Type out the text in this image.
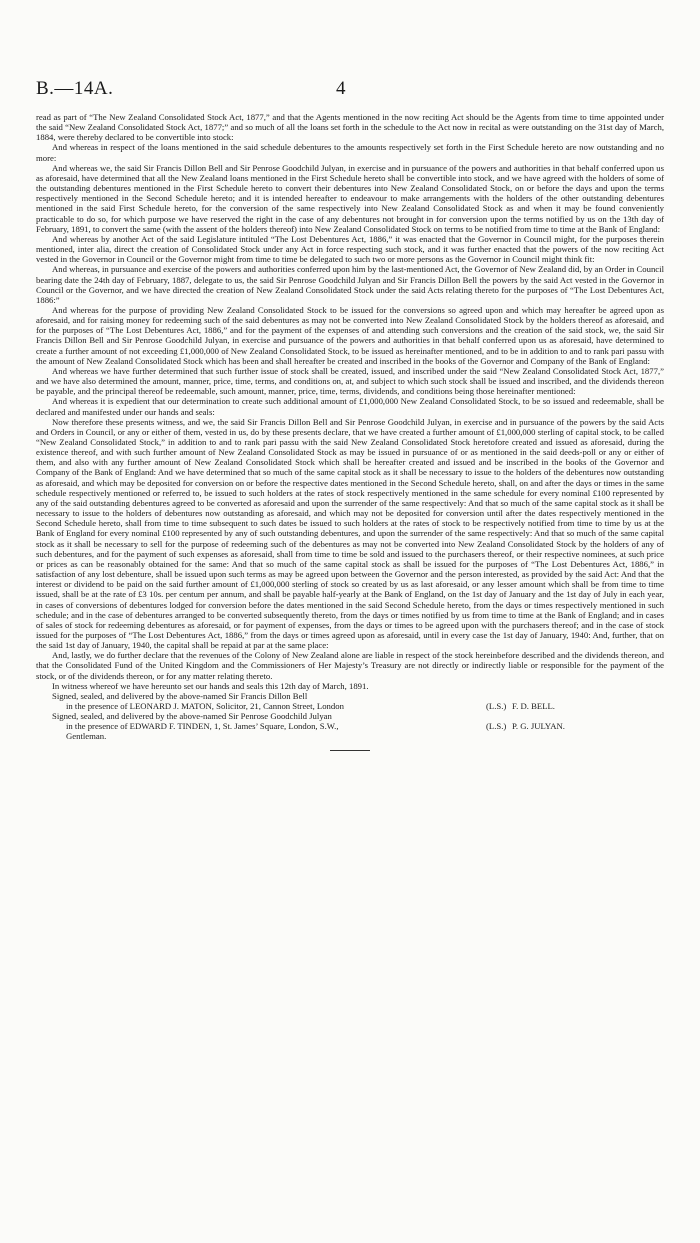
B.—14A.	4

read as part of “The New Zealand Consolidated Stock Act, 1877,” and that the Agents mentioned in the now reciting Act should be the Agents from time to time appointed under the said “New Zealand Consolidated Stock Act, 1877;” and so much of all the loans set forth in the schedule to the Act now in recital as were outstanding on the 31st day of March, 1884, were thereby declared to be convertible into stock:

And whereas in respect of the loans mentioned in the said schedule debentures to the amounts respectively set forth in the First Schedule hereto are now outstanding and no more:

And whereas we, the said Sir Francis Dillon Bell and Sir Penrose Goodchild Julyan, in exercise and in pursuance of the powers and authorities in that behalf conferred upon us as aforesaid, have determined that all the New Zealand loans mentioned in the First Schedule hereto shall be convertible into stock, and we have agreed with the holders of some of the outstanding debentures mentioned in the First Schedule hereto to convert their debentures into New Zealand Consolidated Stock, on or before the days and upon the terms respectively mentioned in the Second Schedule hereto; and it is intended hereafter to endeavour to make arrangements with the holders of the other outstanding debentures mentioned in the said First Schedule hereto, for the conversion of the same respectively into New Zealand Consolidated Stock as and when it may be found conveniently practicable to do so, for which purpose we have reserved the right in the case of any debentures not brought in for conversion upon the terms notified by us on the 13th day of February, 1891, to convert the same (with the assent of the holders thereof) into New Zealand Consolidated Stock on terms to be notified from time to time at the Bank of England:

And whereas by another Act of the said Legislature intituled “The Lost Debentures Act, 1886,” it was enacted that the Governor in Council might, for the purposes therein mentioned, inter alia, direct the creation of Consolidated Stock under any Act in force respecting such stock, and it was further enacted that the powers of the now reciting Act vested in the Governor in Council or the Governor might from time to time be delegated to such two or more persons as the Governor in Council might think fit:

And whereas, in pursuance and exercise of the powers and authorities conferred upon him by the last-mentioned Act, the Governor of New Zealand did, by an Order in Council bearing date the 24th day of February, 1887, delegate to us, the said Sir Penrose Goodchild Julyan and Sir Francis Dillon Bell the powers by the said Act vested in the Governor in Council or the Governor, and we have directed the creation of New Zealand Consolidated Stock under the said Acts relating thereto for the purposes of “The Lost Debentures Act, 1886:”

And whereas for the purpose of providing New Zealand Consolidated Stock to be issued for the conversions so agreed upon and which may hereafter be agreed upon as aforesaid, and for raising money for redeeming such of the said debentures as may not be converted into New Zealand Consolidated Stock by the holders thereof as aforesaid, and for the purposes of “The Lost Debentures Act, 1886,” and for the payment of the expenses of and attending such conversions and the creation of the said stock, we, the said Sir Francis Dillon Bell and Sir Penrose Goodchild Julyan, in exercise and pursuance of the powers and authorities in that behalf conferred upon us as aforesaid, have determined to create a further amount of not exceeding £1,000,000 of New Zealand Consolidated Stock, to be issued as hereinafter mentioned, and to be in addition to and to rank pari passu with the amount of New Zealand Consolidated Stock which has been and shall hereafter be created and inscribed in the books of the Governor and Company of the Bank of England:

And whereas we have further determined that such further issue of stock shall be created, issued, and inscribed under the said “New Zealand Consolidated Stock Act, 1877,” and we have also determined the amount, manner, price, time, terms, and conditions on, at, and subject to which such stock shall be issued and inscribed, and the dividends thereon be payable, and the principal thereof be redeemable, such amount, manner, price, time, terms, dividends, and conditions being those hereinafter mentioned:

And whereas it is expedient that our determination to create such additional amount of £1,000,000 New Zealand Consolidated Stock, to be so issued and redeemable, shall be declared and manifested under our hands and seals:

Now therefore these presents witness, and we, the said Sir Francis Dillon Bell and Sir Penrose Goodchild Julyan, in exercise and in pursuance of the powers by the said Acts and Orders in Council, or any or either of them, vested in us, do by these presents declare, that we have created a further amount of £1,000,000 sterling of capital stock, to be called “New Zealand Consolidated Stock,” in addition to and to rank pari passu with the said New Zealand Consolidated Stock heretofore created and issued as aforesaid, during the existence thereof, and with such further amount of New Zealand Consolidated Stock as may be issued in pursuance of or as mentioned in the said deeds-poll or any or either of them, and also with any further amount of New Zealand Consolidated Stock which shall be hereafter created and issued and be inscribed in the books of the Governor and Company of the Bank of England: And we have determined that so much of the same capital stock as it shall be necessary to issue to the holders of the debentures now outstanding as aforesaid, and which may be deposited for conversion on or before the respective dates mentioned in the Second Schedule hereto, shall, on and after the days or times in the same schedule respectively mentioned or referred to, be issued to such holders at the rates of stock respectively mentioned in the same schedule for every nominal £100 represented by any of the said outstanding debentures agreed to be converted as aforesaid and upon the surrender of the same respectively: And that so much of the same capital stock as it shall be necessary to issue to the holders of debentures now outstanding as aforesaid, and which may not be deposited for conversion until after the dates respectively mentioned in the Second Schedule hereto, shall from time to time subsequent to such dates be issued to such holders at the rates of stock to be respectively notified from time to time by us at the Bank of England for every nominal £100 represented by any of such outstanding debentures, and upon the surrender of the same respectively: And that so much of the same capital stock as it shall be necessary to sell for the purpose of redeeming such of the debentures as may not be converted into New Zealand Consolidated Stock by the holders of any of such debentures, and for the payment of such expenses as aforesaid, shall from time to time be sold and issued to the purchasers thereof, or their respective nominees, at such price or prices as can be reasonably obtained for the same: And that so much of the same capital stock as shall be issued for the purposes of “The Lost Debentures Act, 1886,” in satisfaction of any lost debenture, shall be issued upon such terms as may be agreed upon between the Governor and the person interested, as provided by the said Act: And that the interest or dividend to be paid on the said further amount of £1,000,000 sterling of stock so created by us as last aforesaid, or any lesser amount which shall be from time to time issued, shall be at the rate of £3 10s. per centum per annum, and shall be payable half-yearly at the Bank of England, on the 1st day of January and the 1st day of July in each year, in cases of conversions of debentures lodged for conversion before the dates mentioned in the said Second Schedule hereto, from the days or times respectively mentioned in such schedule; and in the case of debentures arranged to be converted subsequently thereto, from the days or times notified by us from time to time at the Bank of England; and in cases of sales of stock for redeeming debentures as aforesaid, or for payment of expenses, from the days or times to be agreed upon with the purchasers thereof; and in the case of stock issued for the purposes of “The Lost Debentures Act, 1886,” from the days or times agreed upon as aforesaid, until in every case the 1st day of January, 1940: And, further, that on the said 1st day of January, 1940, the capital shall be repaid at par at the same place:

And, lastly, we do further declare that the revenues of the Colony of New Zealand alone are liable in respect of the stock hereinbefore described and the dividends thereon, and that the Consolidated Fund of the United Kingdom and the Commissioners of Her Majesty’s Treasury are not directly or indirectly liable or responsible for the payment of the stock, or of the dividends thereon, or for any matter relating thereto.

In witness whereof we have hereunto set our hands and seals this 12th day of March, 1891.

Signed, sealed, and delivered by the above-named Sir Francis Dillon Bell
in the presence of LEONARD J. MATON, Solicitor, 21, Cannon Street, London	(L.S.) F. D. BELL.
Signed, sealed, and delivered by the above-named Sir Penrose Goodchild Julyan
in the presence of EDWARD F. TINDEN, 1, St. James’ Square, London, S.W.,	(L.S.) P. G. JULYAN.
Gentleman.
